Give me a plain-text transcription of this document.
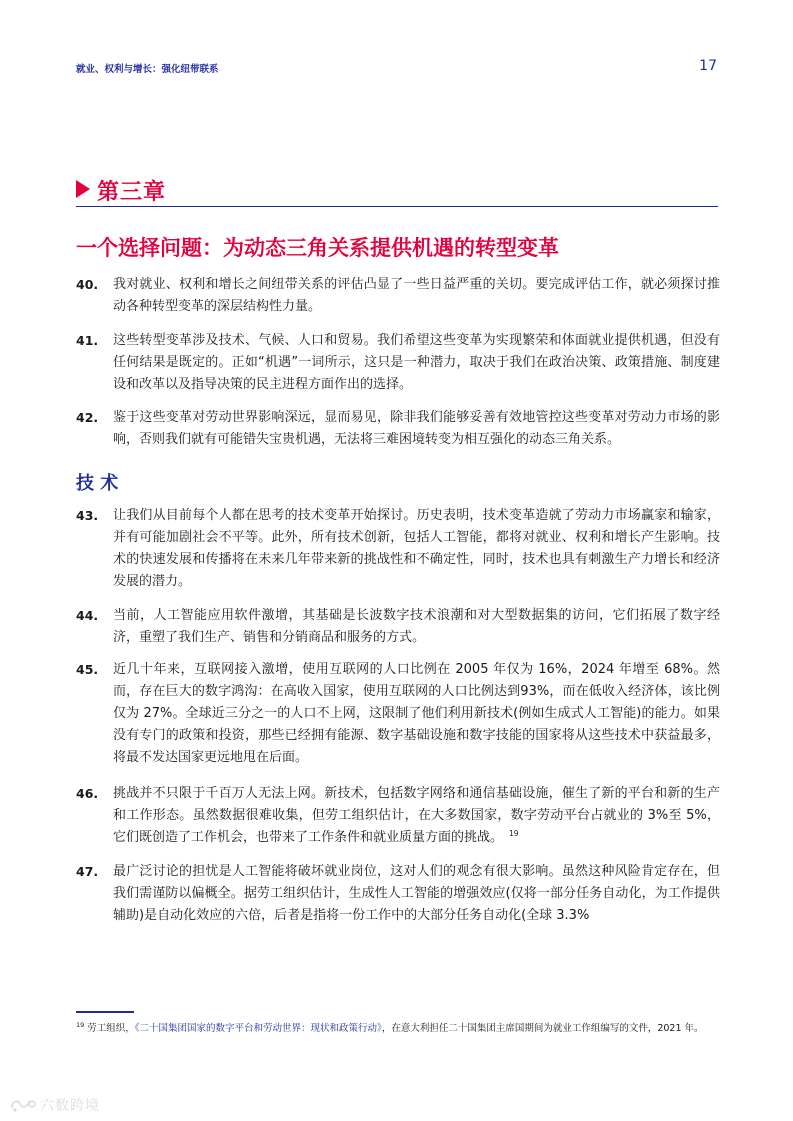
就业、权利与增长：强化纽带联系	17
第三章
一个选择问题：为动态三角关系提供机遇的转型变革
40. 我对就业、权利和增长之间纽带关系的评估凸显了一些日益严重的关切。要完成评估工作，就必须探讨推动各种转型变革的深层结构性力量。

41. 这些转型变革涉及技术、气候、人口和贸易。我们希望这些变革为实现繁荣和体面就业提供机遇，但没有任何结果是既定的。正如“机遇”一词所示，这只是一种潜力，取决于我们在政治决策、政策措施、制度建设和改革以及指导决策的民主进程方面作出的选择。

42. 鉴于这些变革对劳动世界影响深远，显而易见，除非我们能够妥善有效地管控这些变革对劳动力市场的影响，否则我们就有可能错失宝贵机遇，无法将三难困境转变为相互强化的动态三角关系。

技 术
43. 让我们从目前每个人都在思考的技术变革开始探讨。历史表明，技术变革造就了劳动力市场赢家和输家，并有可能加剧社会不平等。此外，所有技术创新，包括人工智能，都将对就业、权利和增长产生影响。技术的快速发展和传播将在未来几年带来新的挑战性和不确定性，同时，技术也具有刺激生产力增长和经济发展的潜力。

44. 当前，人工智能应用软件激增，其基础是长波数字技术浪潮和对大型数据集的访问，它们拓展了数字经济，重塑了我们生产、销售和分销商品和服务的方式。

45. 近几十年来，互联网接入激增，使用互联网的人口比例在 2005 年仅为 16%，2024 年增至 68%。然而，存在巨大的数字鸿沟：在高收入国家，使用互联网的人口比例达到93%，而在低收入经济体，该比例仅为 27%。全球近三分之一的人口不上网，这限制了他们利用新技术(例如生成式人工智能)的能力。如果没有专门的政策和投资，那些已经拥有能源、数字基础设施和数字技能的国家将从这些技术中获益最多，将最不发达国家更远地甩在后面。

46. 挑战并不只限于千百万人无法上网。新技术，包括数字网络和通信基础设施，催生了新的平台和新的生产和工作形态。虽然数据很难收集，但劳工组织估计，在大多数国家，数字劳动平台占就业的 3%至 5%，它们既创造了工作机会，也带来了工作条件和就业质量方面的挑战。 $^{19}$

47. 最广泛讨论的担忧是人工智能将破坏就业岗位，这对人们的观念有很大影响。虽然这种风险肯定存在，但我们需谨防以偏概全。据劳工组织估计，生成性人工智能的增强效应(仅将一部分任务自动化，为工作提供辅助)是自动化效应的六倍，后者是指将一份工作中的大部分任务自动化(全球 3.3%

$^{19}$ 劳工组织，《二十国集团国家的数字平台和劳动世界：现状和政策行动》，在意大利担任二十国集团主席国期间为就业工作组编写的文件，2021 年。
六数跨境
